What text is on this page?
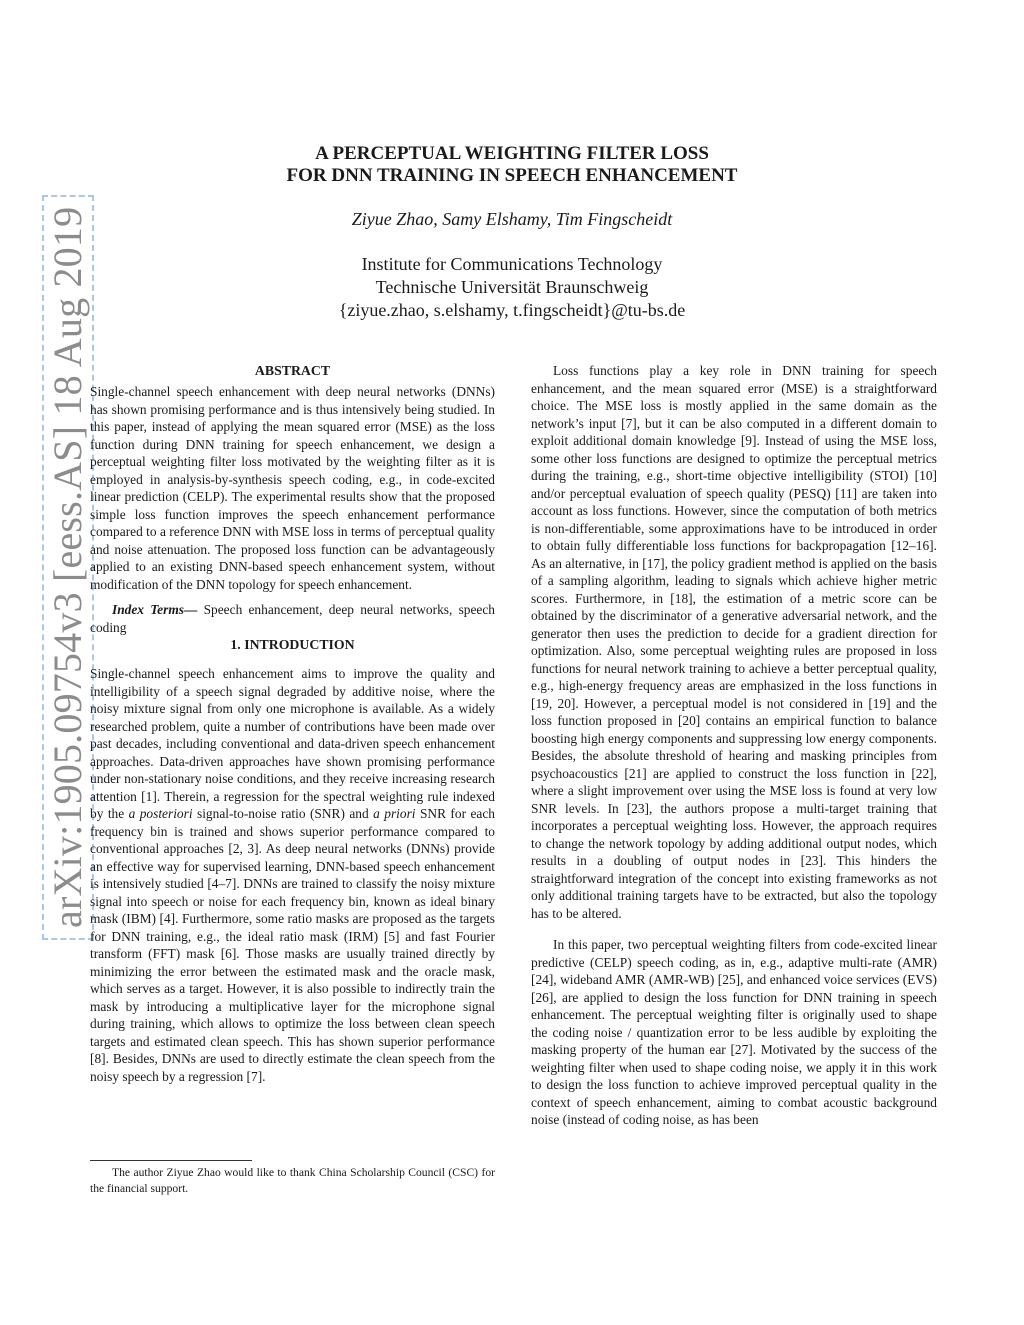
arXiv:1905.09754v3 [eess.AS] 18 Aug 2019
A PERCEPTUAL WEIGHTING FILTER LOSS
FOR DNN TRAINING IN SPEECH ENHANCEMENT
Ziyue Zhao, Samy Elshamy, Tim Fingscheidt
Institute for Communications Technology
Technische Universität Braunschweig
{ziyue.zhao, s.elshamy, t.fingscheidt}@tu-bs.de
ABSTRACT

Single-channel speech enhancement with deep neural networks (DNNs) has shown promising performance and is thus intensively being studied. In this paper, instead of applying the mean squared error (MSE) as the loss function during DNN training for speech enhancement, we design a perceptual weighting filter loss motivated by the weighting filter as it is employed in analysis-by-synthesis speech coding, e.g., in code-excited linear prediction (CELP). The experimental results show that the proposed simple loss function improves the speech enhancement performance compared to a reference DNN with MSE loss in terms of perceptual quality and noise attenuation. The proposed loss function can be advantageously applied to an existing DNN-based speech enhancement system, without modification of the DNN topology for speech enhancement.

Index Terms— Speech enhancement, deep neural networks, speech coding

1. INTRODUCTION

Single-channel speech enhancement aims to improve the quality and intelligibility of a speech signal degraded by additive noise, where the noisy mixture signal from only one microphone is available. As a widely researched problem, quite a number of contributions have been made over past decades, including conventional and data-driven speech enhancement approaches. Data-driven approaches have shown promising performance under non-stationary noise conditions, and they receive increasing research attention [1]. Therein, a regression for the spectral weighting rule indexed by the a posteriori signal-to-noise ratio (SNR) and a priori SNR for each frequency bin is trained and shows superior performance compared to conventional approaches [2, 3]. As deep neural networks (DNNs) provide an effective way for supervised learning, DNN-based speech enhancement is intensively studied [4–7]. DNNs are trained to classify the noisy mixture signal into speech or noise for each frequency bin, known as ideal binary mask (IBM) [4]. Furthermore, some ratio masks are proposed as the targets for DNN training, e.g., the ideal ratio mask (IRM) [5] and fast Fourier transform (FFT) mask [6]. Those masks are usually trained directly by minimizing the error between the estimated mask and the oracle mask, which serves as a target. However, it is also possible to indirectly train the mask by introducing a multiplicative layer for the microphone signal during training, which allows to optimize the loss between clean speech targets and estimated clean speech. This has shown superior performance [8]. Besides, DNNs are used to directly estimate the clean speech from the noisy speech by a regression [7].

The author Ziyue Zhao would like to thank China Scholarship Council (CSC) for the financial support.

Loss functions play a key role in DNN training for speech enhancement, and the mean squared error (MSE) is a straightforward choice. The MSE loss is mostly applied in the same domain as the network’s input [7], but it can be also computed in a different domain to exploit additional domain knowledge [9]. Instead of using the MSE loss, some other loss functions are designed to optimize the perceptual metrics during the training, e.g., short-time objective intelligibility (STOI) [10] and/or perceptual evaluation of speech quality (PESQ) [11] are taken into account as loss functions. However, since the computation of both metrics is non-differentiable, some approximations have to be introduced in order to obtain fully differentiable loss functions for backpropagation [12–16]. As an alternative, in [17], the policy gradient method is applied on the basis of a sampling algorithm, leading to signals which achieve higher metric scores. Furthermore, in [18], the estimation of a metric score can be obtained by the discriminator of a generative adversarial network, and the generator then uses the prediction to decide for a gradient direction for optimization. Also, some perceptual weighting rules are proposed in loss functions for neural network training to achieve a better perceptual quality, e.g., high-energy frequency areas are emphasized in the loss functions in [19, 20]. However, a perceptual model is not considered in [19] and the loss function proposed in [20] contains an empirical function to balance boosting high energy components and suppressing low energy components. Besides, the absolute threshold of hearing and masking principles from psychoacoustics [21] are applied to construct the loss function in [22], where a slight improvement over using the MSE loss is found at very low SNR levels. In [23], the authors propose a multi-target training that incorporates a perceptual weighting loss. However, the approach requires to change the network topology by adding additional output nodes, which results in a doubling of output nodes in [23]. This hinders the straightforward integration of the concept into existing frameworks as not only additional training targets have to be extracted, but also the topology has to be altered.

In this paper, two perceptual weighting filters from code-excited linear predictive (CELP) speech coding, as in, e.g., adaptive multi-rate (AMR) [24], wideband AMR (AMR-WB) [25], and enhanced voice services (EVS) [26], are applied to design the loss function for DNN training in speech enhancement. The perceptual weighting filter is originally used to shape the coding noise / quantization error to be less audible by exploiting the masking property of the human ear [27]. Motivated by the success of the weighting filter when used to shape coding noise, we apply it in this work to design the loss function to achieve improved perceptual quality in the context of speech enhancement, aiming to combat acoustic background noise (instead of coding noise, as has been
